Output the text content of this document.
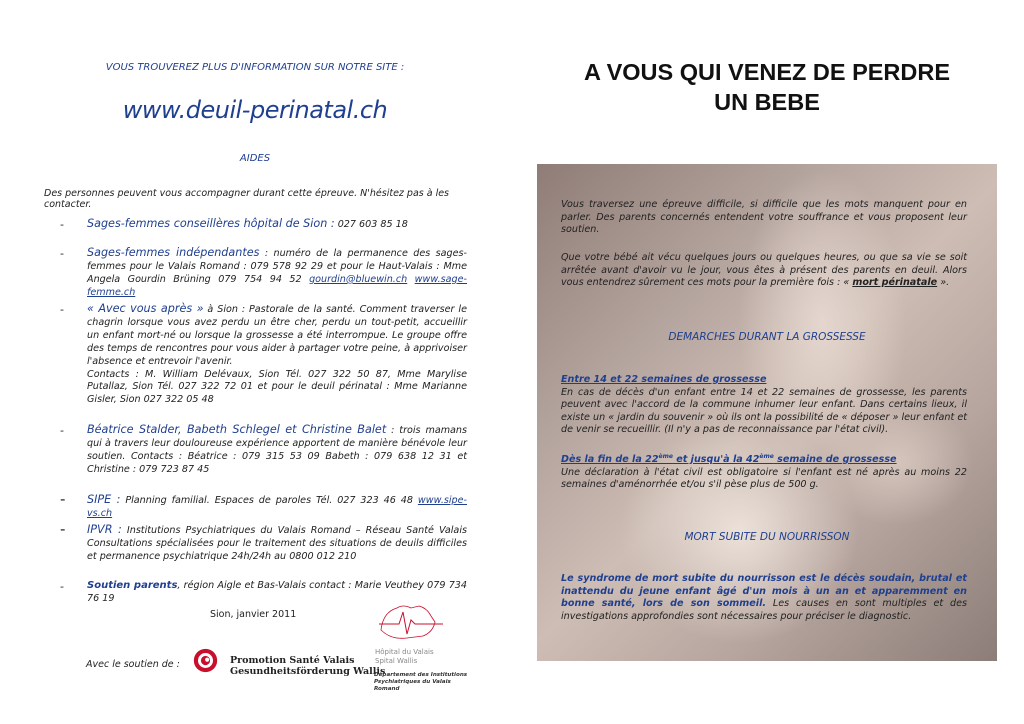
VOUS TROUVEREZ PLUS D'INFORMATION SUR NOTRE SITE :
www.deuil-perinatal.ch
AIDES
Des personnes peuvent vous accompagner durant cette épreuve. N'hésitez pas à les contacter.
- Sages-femmes conseillères hôpital de Sion : 027 603 85 18
- Sages-femmes indépendantes : numéro de la permanence des sages-femmes pour le Valais Romand : 079 578 92 29 et pour le Haut-Valais : Mme Angela Gourdin Brüning 079 754 94 52 gourdin@bluewin.ch www.sage-femme.ch
- « Avec vous après » à Sion : Pastorale de la santé. Comment traverser le chagrin lorsque vous avez perdu un être cher, perdu un tout-petit, accueillir un enfant mort-né ou lorsque la grossesse a été interrompue. Le groupe offre des temps de rencontres pour vous aider à partager votre peine, à apprivoiser l'absence et entrevoir l'avenir.
Contacts : M. William Delévaux, Sion Tél. 027 322 50 87, Mme Marylise Putallaz, Sion Tél. 027 322 72 01 et pour le deuil périnatal : Mme Marianne Gisler, Sion 027 322 05 48
- Béatrice Stalder, Babeth Schlegel et Christine Balet : trois mamans qui à travers leur douloureuse expérience apportent de manière bénévole leur soutien. Contacts : Béatrice : 079 315 53 09 Babeth : 079 638 12 31 et Christine : 079 723 87 45
- SIPE : Planning familial. Espaces de paroles Tél. 027 323 46 48 www.sipe-vs.ch
- IPVR : Institutions Psychiatriques du Valais Romand – Réseau Santé Valais Consultations spécialisées pour le traitement des situations de deuils difficiles et permanence psychiatrique 24h/24h au 0800 012 210
- Soutien parents, région Aigle et Bas-Valais contact : Marie Veuthey 079 734 76 19
Sion, janvier 2011
Avec le soutien de :	Promotion Santé Valais
Gesundheitsförderung Wallis
Hôpital du Valais
Spital Wallis
Département des Institutions
Psychiatriques du Valais Romand
A VOUS QUI VENEZ DE PERDRE
UN BEBE
Vous traversez une épreuve difficile, si difficile que les mots manquent pour en parler. Des parents concernés entendent votre souffrance et vous proposent leur soutien.
Que votre bébé ait vécu quelques jours ou quelques heures, ou que sa vie se soit arrêtée avant d'avoir vu le jour, vous êtes à présent des parents en deuil. Alors vous entendrez sûrement ces mots pour la première fois : « mort périnatale ».
DEMARCHES DURANT LA GROSSESSE
Entre 14 et 22 semaines de grossesse
En cas de décès d'un enfant entre 14 et 22 semaines de grossesse, les parents peuvent avec l'accord de la commune inhumer leur enfant. Dans certains lieux, il existe un « jardin du souvenir » où ils ont la possibilité de « déposer » leur enfant et de venir se recueillir. (Il n'y a pas de reconnaissance par l'état civil).
Dès la fin de la 22ème et jusqu'à la 42ème semaine de grossesse
Une déclaration à l'état civil est obligatoire si l'enfant est né après au moins 22 semaines d'aménorrhée et/ou s'il pèse plus de 500 g.
MORT SUBITE DU NOURRISSON
Le syndrome de mort subite du nourrisson est le décès soudain, brutal et inattendu du jeune enfant âgé d'un mois à un an et apparemment en bonne santé, lors de son sommeil. Les causes en sont multiples et des investigations approfondies sont nécessaires pour préciser le diagnostic.
